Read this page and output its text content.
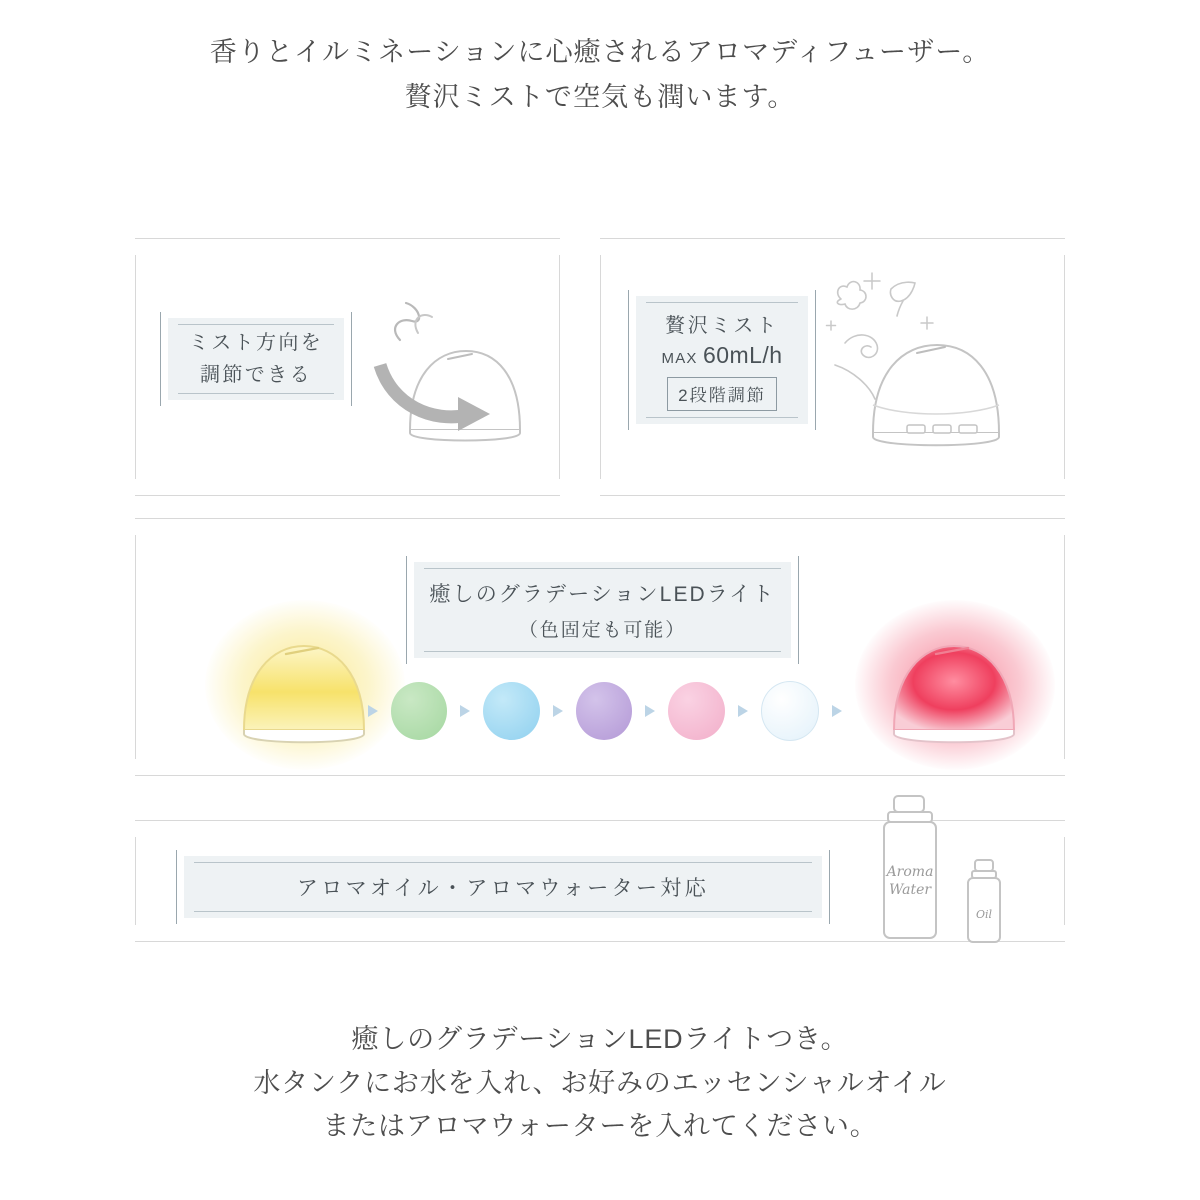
香りとイルミネーションに心癒されるアロマディフューザー。
贅沢ミストで空気も潤います。
ミスト方向を
調節できる
贅沢ミスト
MAX 60mL/h
2段階調節
癒しのグラデーションLEDライト
（色固定も可能）
アロマオイル・アロマウォーター対応
Aroma
Water
Oil
癒しのグラデーションLEDライトつき。
水タンクにお水を入れ、お好みのエッセンシャルオイル
またはアロマウォーターを入れてください。
